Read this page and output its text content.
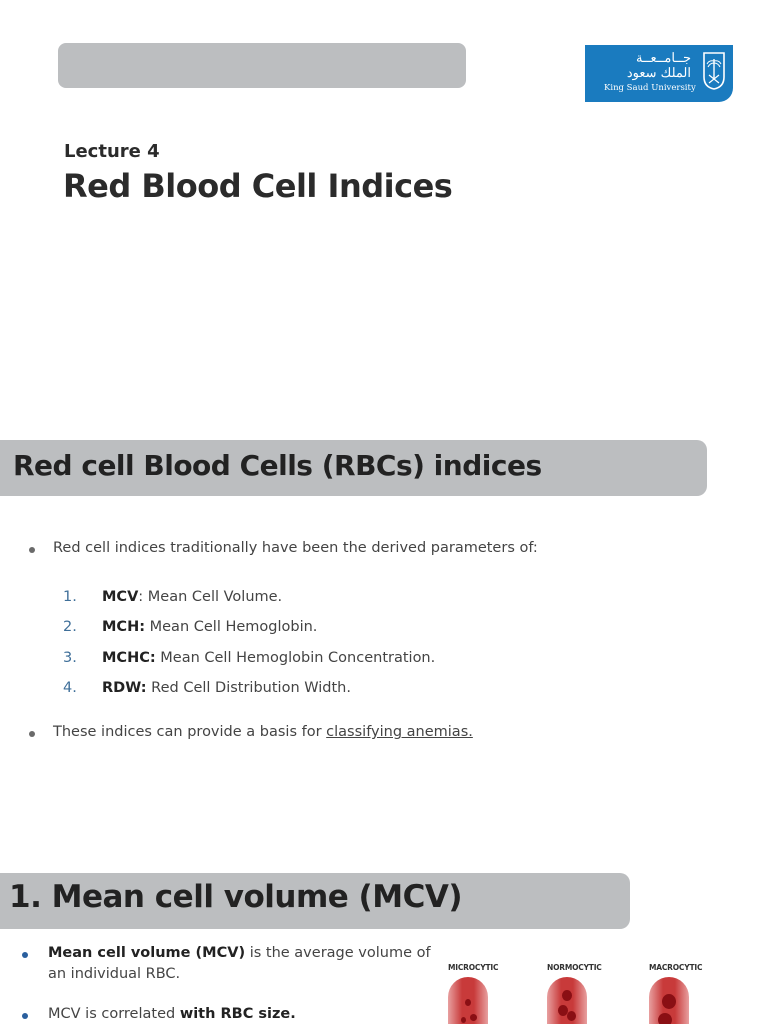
جــامــعــة
الملك سعود
King Saud University
Lecture 4
Red Blood Cell Indices
Red cell Blood Cells (RBCs) indices
Red cell indices traditionally have been the derived parameters of:
1. MCV: Mean Cell Volume.
2. MCH: Mean Cell Hemoglobin.
3. MCHC: Mean Cell Hemoglobin Concentration.
4. RDW: Red Cell Distribution Width.
These indices can provide a basis for classifying anemias.
1. Mean cell volume (MCV)
Mean cell volume (MCV) is the average volume of
an individual RBC.
MCV is correlated with RBC size.
MICROCYTIC	NORMOCYTIC	MACROCYTIC
